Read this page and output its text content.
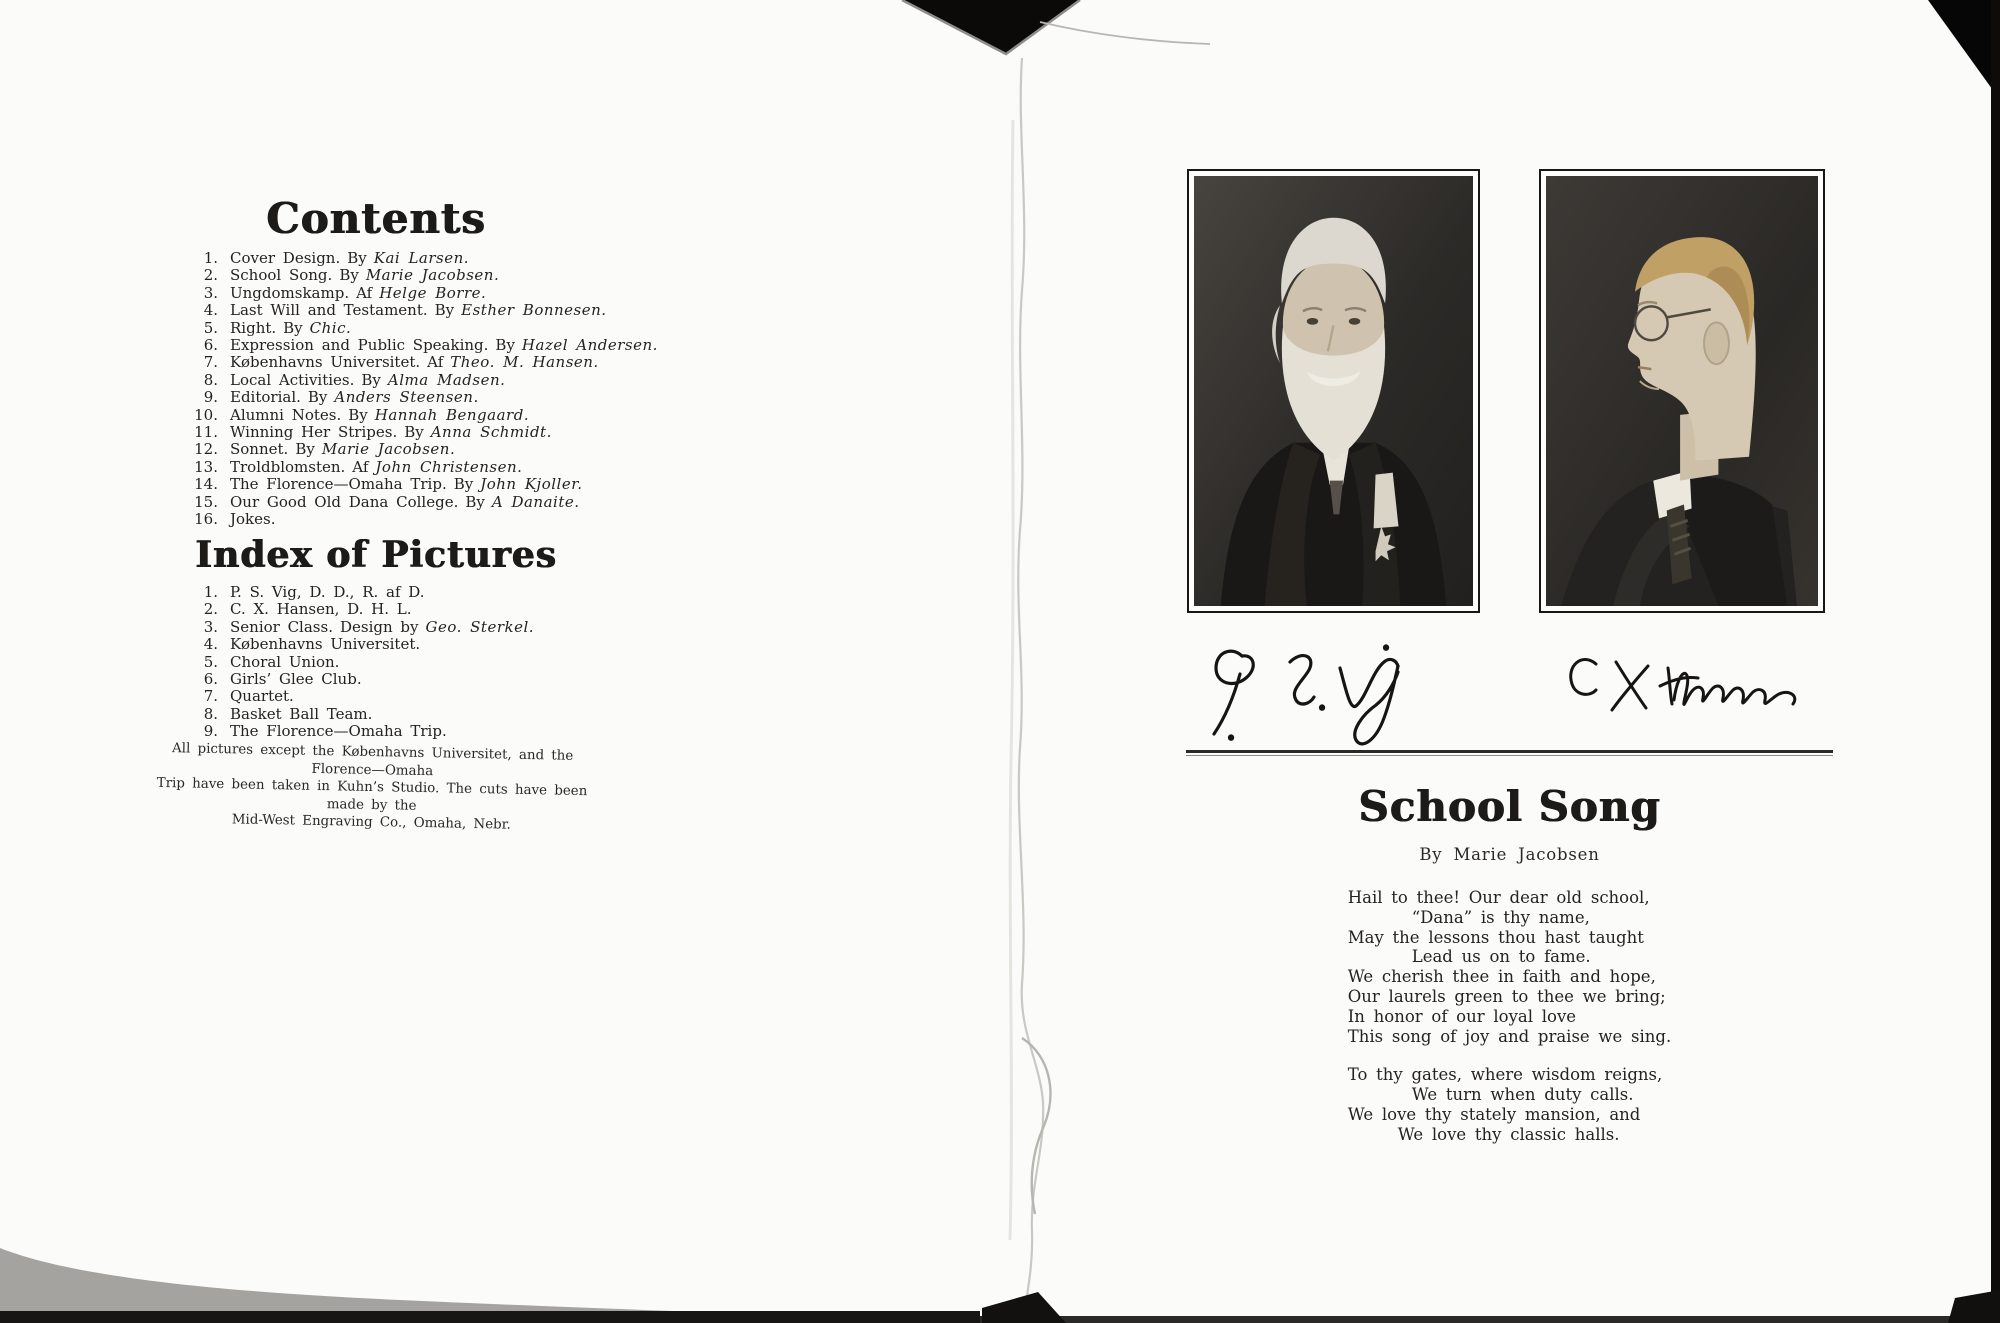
Contents
1. Cover Design. By Kai Larsen.
2. School Song. By Marie Jacobsen.
3. Ungdomskamp. Af Helge Borre.
4. Last Will and Testament. By Esther Bonnesen.
5. Right. By Chic.
6. Expression and Public Speaking. By Hazel Andersen.
7. Københavns Universitet. Af Theo. M. Hansen.
8. Local Activities. By Alma Madsen.
9. Editorial. By Anders Steensen.
10. Alumni Notes. By Hannah Bengaard.
11. Winning Her Stripes. By Anna Schmidt.
12. Sonnet. By Marie Jacobsen.
13. Troldblomsten. Af John Christensen.
14. The Florence—Omaha Trip. By John Kjoller.
15. Our Good Old Dana College. By A Danaite.
16. Jokes.
Index of Pictures
1. P. S. Vig, D. D., R. af D.
2. C. X. Hansen, D. H. L.
3. Senior Class. Design by Geo. Sterkel.
4. Københavns Universitet.
5. Choral Union.
6. Girls’ Glee Club.
7. Quartet.
8. Basket Ball Team.
9. The Florence—Omaha Trip.
All pictures except the Københavns Universitet, and the Florence—Omaha
Trip have been taken in Kuhn’s Studio. The cuts have been made by the
Mid-West Engraving Co., Omaha, Nebr.	School Song
By Marie Jacobsen
Hail to thee! Our dear old school,
“Dana” is thy name,
May the lessons thou hast taught
Lead us on to fame.
We cherish thee in faith and hope,
Our laurels green to thee we bring;
In honor of our loyal love
This song of joy and praise we sing.
To thy gates, where wisdom reigns,
We turn when duty calls.
We love thy stately mansion, and
We love thy classic halls.
